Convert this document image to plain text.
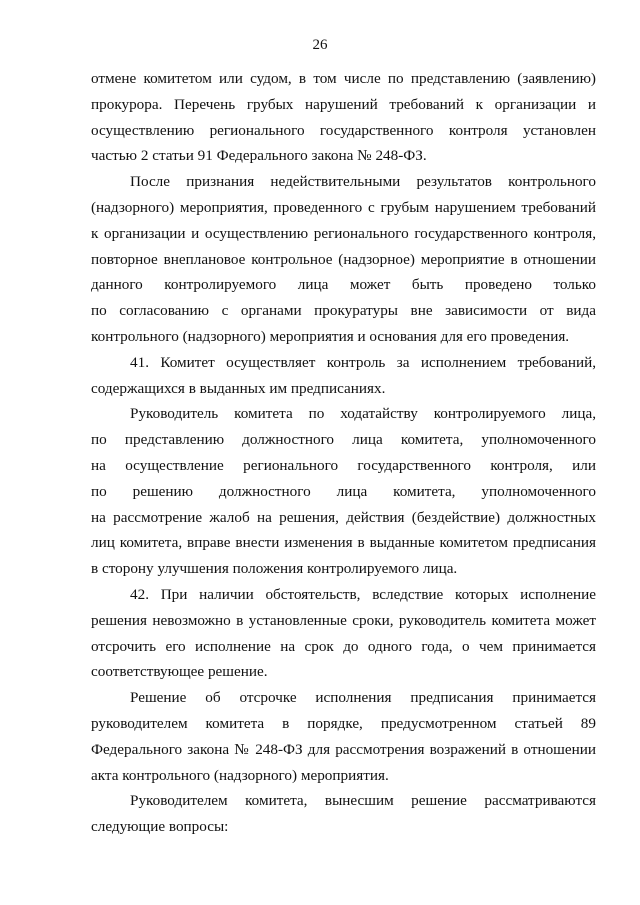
26
отмене комитетом или судом, в том числе по представлению (заявлению)
прокурора. Перечень грубых нарушений требований к организации и
осуществлению регионального государственного контроля установлен
частью 2 статьи 91 Федерального закона № 248-ФЗ.
После признания недействительными результатов контрольного
(надзорного) мероприятия, проведенного с грубым нарушением требований
к организации и осуществлению регионального государственного контроля,
повторное внеплановое контрольное (надзорное) мероприятие в отношении
данного контролируемого лица может быть проведено только
по согласованию с органами прокуратуры вне зависимости от вида
контрольного (надзорного) мероприятия и основания для его проведения.
41. Комитет осуществляет контроль за исполнением требований,
содержащихся в выданных им предписаниях.
Руководитель комитета по ходатайству контролируемого лица,
по представлению должностного лица комитета, уполномоченного
на осуществление регионального государственного контроля, или
по решению должностного лица комитета, уполномоченного
на рассмотрение жалоб на решения, действия (бездействие) должностных
лиц комитета, вправе внести изменения в выданные комитетом предписания
в сторону улучшения положения контролируемого лица.
42. При наличии обстоятельств, вследствие которых исполнение
решения невозможно в установленные сроки, руководитель комитета может
отсрочить его исполнение на срок до одного года, о чем принимается
соответствующее решение.
Решение об отсрочке исполнения предписания принимается
руководителем комитета в порядке, предусмотренном статьей 89
Федерального закона № 248-ФЗ для рассмотрения возражений в отношении
акта контрольного (надзорного) мероприятия.
Руководителем комитета, вынесшим решение рассматриваются
следующие вопросы:
